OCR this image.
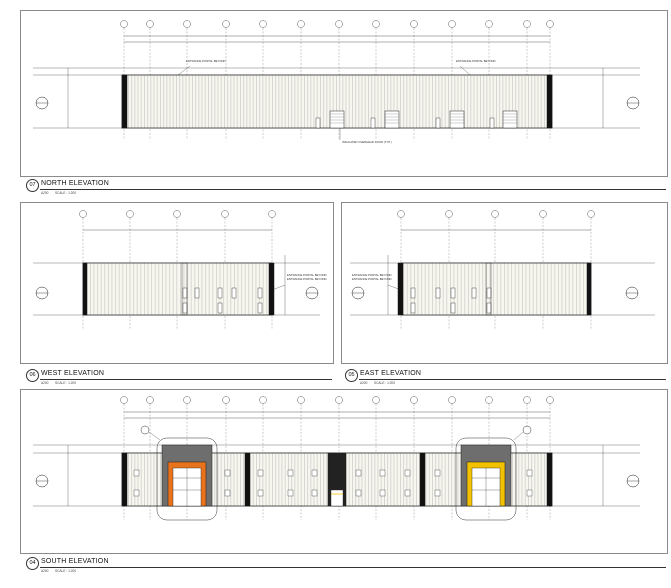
ENTRANCE PORTAL BEYOND	ENTRANCE PORTAL BEYOND
INSULATED OVERHEAD DOOR (TYP.)
ENTRANCE PORTAL BEYOND
ENTRANCE PORTAL BEYOND
ENTRANCE PORTAL BEYOND
ENTRANCE PORTAL BEYOND
07 NORTH ELEVATION
A200 SCALE : 1:200
06 WEST ELEVATION
A200 SCALE : 1:200
05 EAST ELEVATION
A200 SCALE : 1:200
04 SOUTH ELEVATION
A200 SCALE : 1:200
